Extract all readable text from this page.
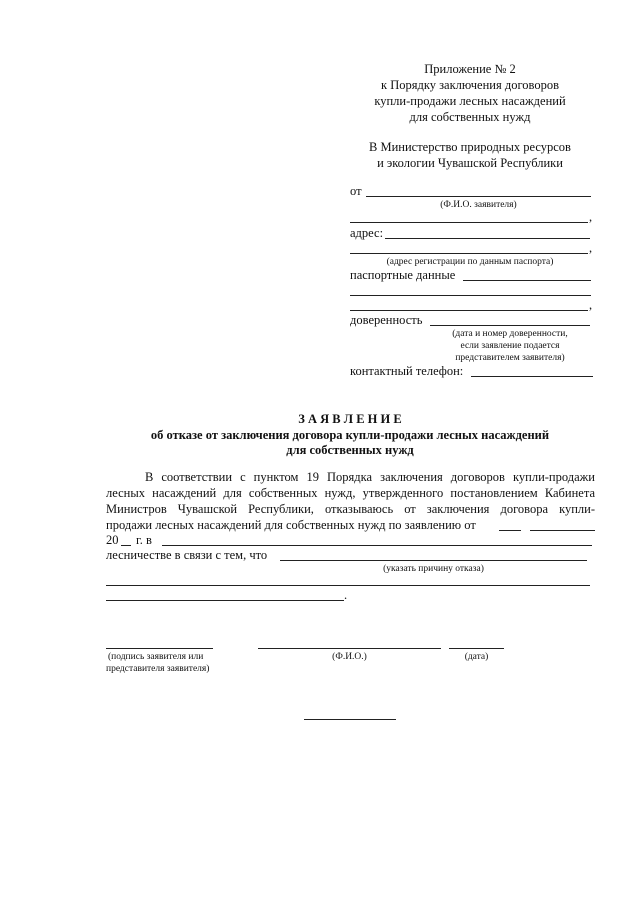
Приложение № 2
к Порядку заключения договоров
купли-продажи лесных насаждений
для собственных нужд
В Министерство природных ресурсов
и экологии Чувашской Республики
от
(Ф.И.О. заявителя)
,
адрес:
,
(адрес регистрации по данным паспорта)
паспортные данные
,
доверенность
(дата и номер доверенности,
если заявление подается
представителем заявителя)
контактный телефон:
З А Я В Л Е Н И Е
об отказе от заключения договора купли-продажи лесных насаждений
для собственных нужд
В соответствии с пунктом 19 Порядка заключения договоров купли-продажи
лесных насаждений для собственных нужд, утвержденного постановлением Кабинета
Министров Чувашской Республики, отказываюсь от заключения договора купли-
продажи лесных насаждений для собственных нужд по заявлению от
20 г. в
лесничестве в связи с тем, что
(указать причину отказа)
.
(подпись заявителя или
представителя заявителя)
(Ф.И.О.)	(дата)
